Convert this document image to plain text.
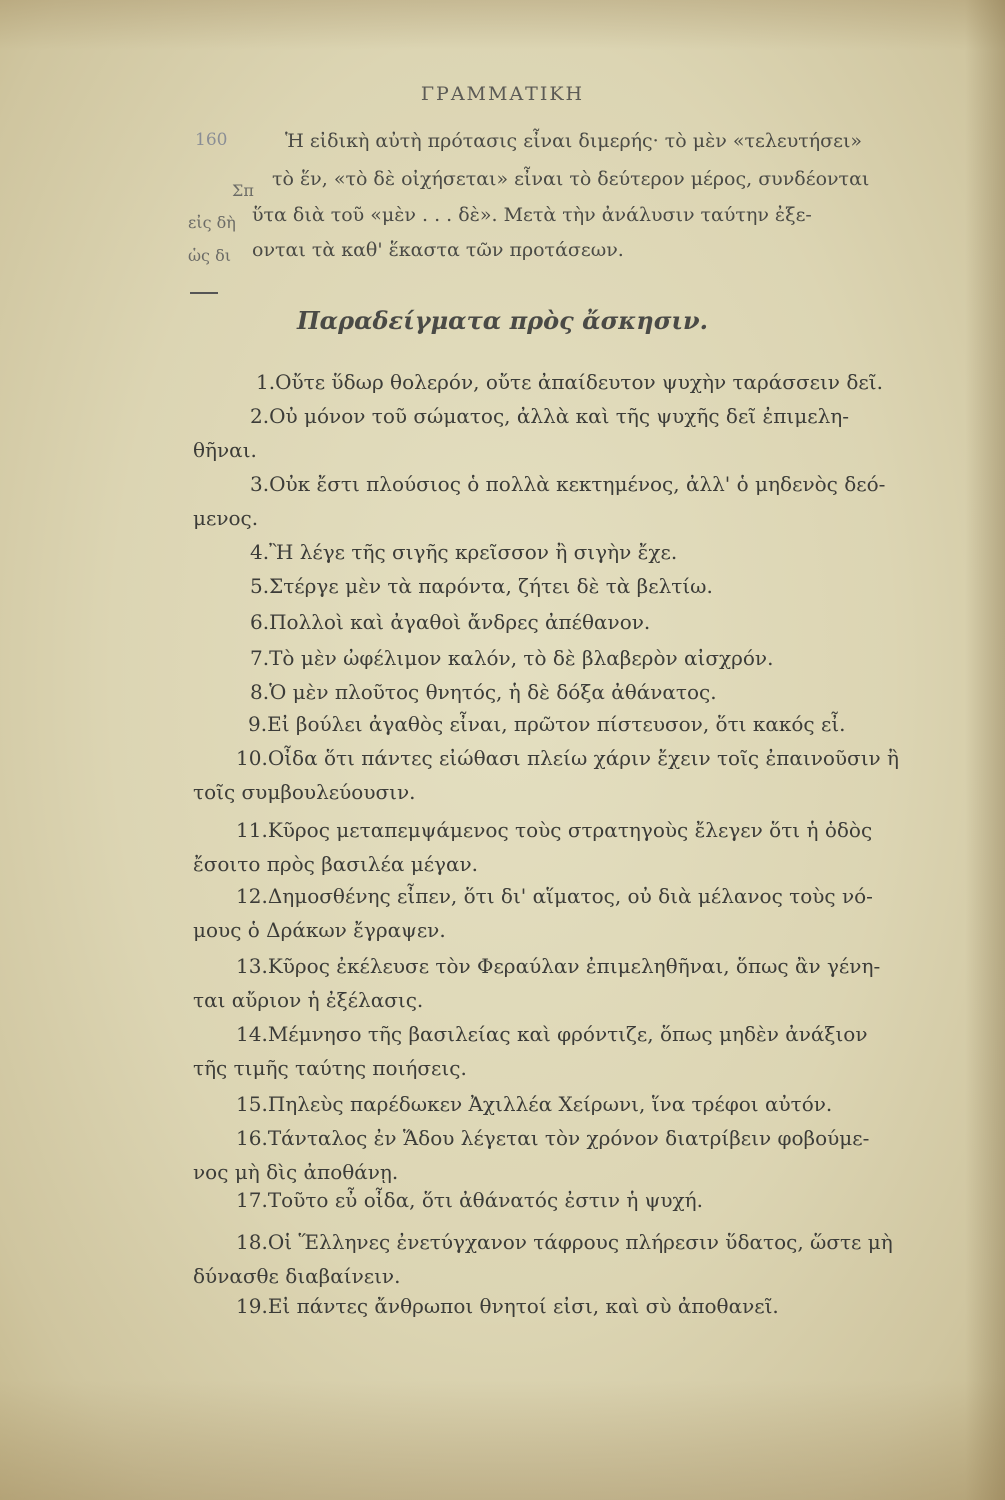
ΓΡΑΜΜΑΤΙΚΗ
160	Ἡ εἰδικὴ αὐτὴ πρότασις εἶναι διμερής· τὸ μὲν «τελευτήσει»
τὸ ἕν, «τὸ δὲ οἰχήσεται» εἶναι τὸ δεύτερον μέρος, συνδέονται
ὕτα διὰ τοῦ «μὲν . . . δὲ». Μετὰ τὴν ἀνάλυσιν ταύτην ἐξε-
ονται τὰ καθ' ἕκαστα τῶν προτάσεων.
Σπ
εἰς δὴ
ὡς δι
Παραδείγματα πρὸς ἄσκησιν.
1.Οὔτε ὕδωρ θολερόν, οὔτε ἀπαίδευτον ψυχὴν ταράσσειν δεῖ.
2.Οὐ μόνον τοῦ σώματος, ἀλλὰ καὶ τῆς ψυχῆς δεῖ ἐπιμελη-
θῆναι.
3.Οὐκ ἔστι πλούσιος ὁ πολλὰ κεκτημένος, ἀλλ' ὁ μηδενὸς δεό-
μενος.
4.Ἢ λέγε τῆς σιγῆς κρεῖσσον ἢ σιγὴν ἔχε.
5.Στέργε μὲν τὰ παρόντα, ζήτει δὲ τὰ βελτίω.
6.Πολλοὶ καὶ ἀγαθοὶ ἄνδρες ἀπέθανον.
7.Τὸ μὲν ὠφέλιμον καλόν, τὸ δὲ βλαβερὸν αἰσχρόν.
8.Ὁ μὲν πλοῦτος θνητός, ἡ δὲ δόξα ἀθάνατος.
9.Εἰ βούλει ἀγαθὸς εἶναι, πρῶτον πίστευσον, ὅτι κακός εἶ.
10.Οἶδα ὅτι πάντες εἰώθασι πλείω χάριν ἔχειν τοῖς ἐπαινοῦσιν ἢ
τοῖς συμβουλεύουσιν.
11.Κῦρος μεταπεμψάμενος τοὺς στρατηγοὺς ἔλεγεν ὅτι ἡ ὁδὸς
ἔσοιτο πρὸς βασιλέα μέγαν.
12.Δημοσθένης εἶπεν, ὅτι δι' αἵματος, οὐ διὰ μέλανος τοὺς νό-
μους ὁ Δράκων ἔγραψεν.
13.Κῦρος ἐκέλευσε τὸν Φεραύλαν ἐπιμεληθῆναι, ὅπως ἂν γένη-
ται αὔριον ἡ ἐξέλασις.
14.Μέμνησο τῆς βασιλείας καὶ φρόντιζε, ὅπως μηδὲν ἀνάξιον
τῆς τιμῆς ταύτης ποιήσεις.
15.Πηλεὺς παρέδωκεν Ἀχιλλέα Χείρωνι, ἵνα τρέφοι αὐτόν.
16.Τάνταλος ἐν Ἅδου λέγεται τὸν χρόνον διατρίβειν φοβούμε-
νος μὴ δὶς ἀποθάνῃ.
17.Τοῦτο εὖ οἶδα, ὅτι ἀθάνατός ἐστιν ἡ ψυχή.
18.Οἱ Ἕλληνες ἐνετύγχανον τάφρους πλήρεσιν ὕδατος, ὥστε μὴ
δύνασθε διαβαίνειν.
19.Εἰ πάντες ἄνθρωποι θνητοί εἰσι, καὶ σὺ ἀποθανεῖ.
